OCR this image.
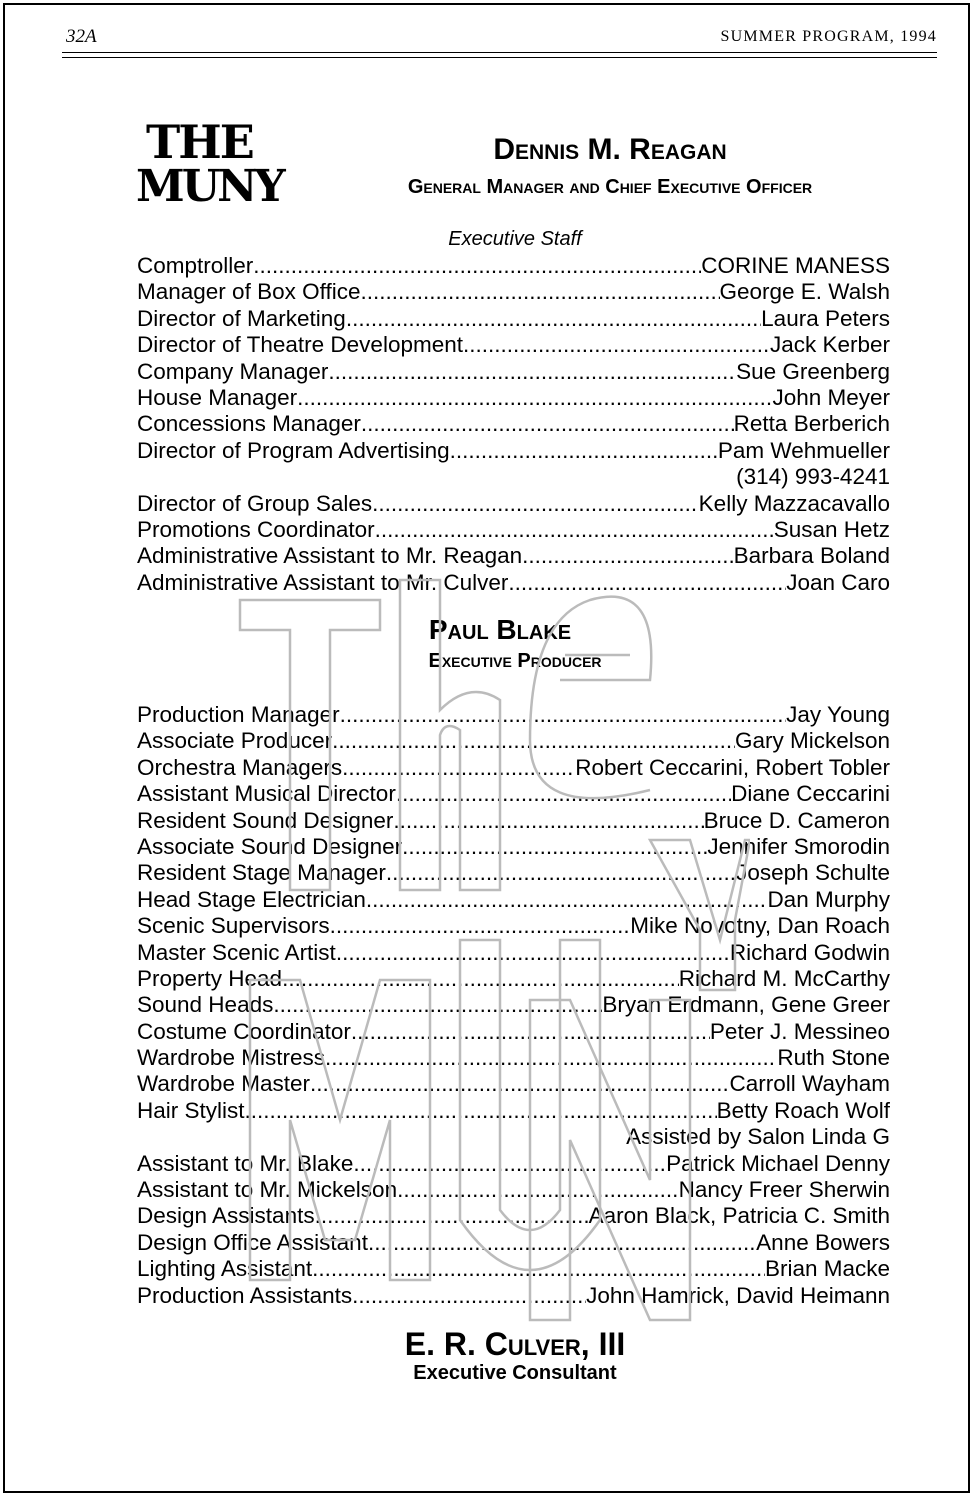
32A	SUMMER PROGRAM, 1994
THE
MUNY
Dennis M. Reagan
General Manager and Chief Executive Officer
Executive Staff
Comptroller .....	CORINE MANESS
Manager of Box Office .....	George E. Walsh
Director of Marketing .....	Laura Peters
Director of Theatre Development .....	Jack Kerber
Company Manager .....	Sue Greenberg
House Manager .....	John Meyer
Concessions Manager .....	Retta Berberich
Director of Program Advertising .....	Pam Wehmueller
(314) 993-4241
Director of Group Sales .....	Kelly Mazzacavallo
Promotions Coordinator .....	Susan Hetz
Administrative Assistant to Mr. Reagan .....	Barbara Boland
Administrative Assistant to Mr. Culver .....	Joan Caro
Paul Blake
Executive Producer
Production Manager .....	Jay Young
Associate Producer .....	Gary Mickelson
Orchestra Managers .....	Robert Ceccarini, Robert Tobler
Assistant Musical Director .....	Diane Ceccarini
Resident Sound Designer .....	Bruce D. Cameron
Associate Sound Designer .....	Jennifer Smorodin
Resident Stage Manager .....	Joseph Schulte
Head Stage Electrician .....	Dan Murphy
Scenic Supervisors .....	Mike Novotny, Dan Roach
Master Scenic Artist .....	Richard Godwin
Property Head .....	Richard M. McCarthy
Sound Heads .....	Bryan Erdmann, Gene Greer
Costume Coordinator .....	Peter J. Messineo
Wardrobe Mistress .....	Ruth Stone
Wardrobe Master .....	Carroll Wayham
Hair Stylist .....	Betty Roach Wolf
Assisted by Salon Linda G
Assistant to Mr. Blake .....	Patrick Michael Denny
Assistant to Mr. Mickelson .....	Nancy Freer Sherwin
Design Assistants .....	Aaron Black, Patricia C. Smith
Design Office Assistant .....	Anne Bowers
Lighting Assistant .....	Brian Macke
Production Assistants .....	John Hamrick, David Heimann
E. R. Culver, III
Executive Consultant
